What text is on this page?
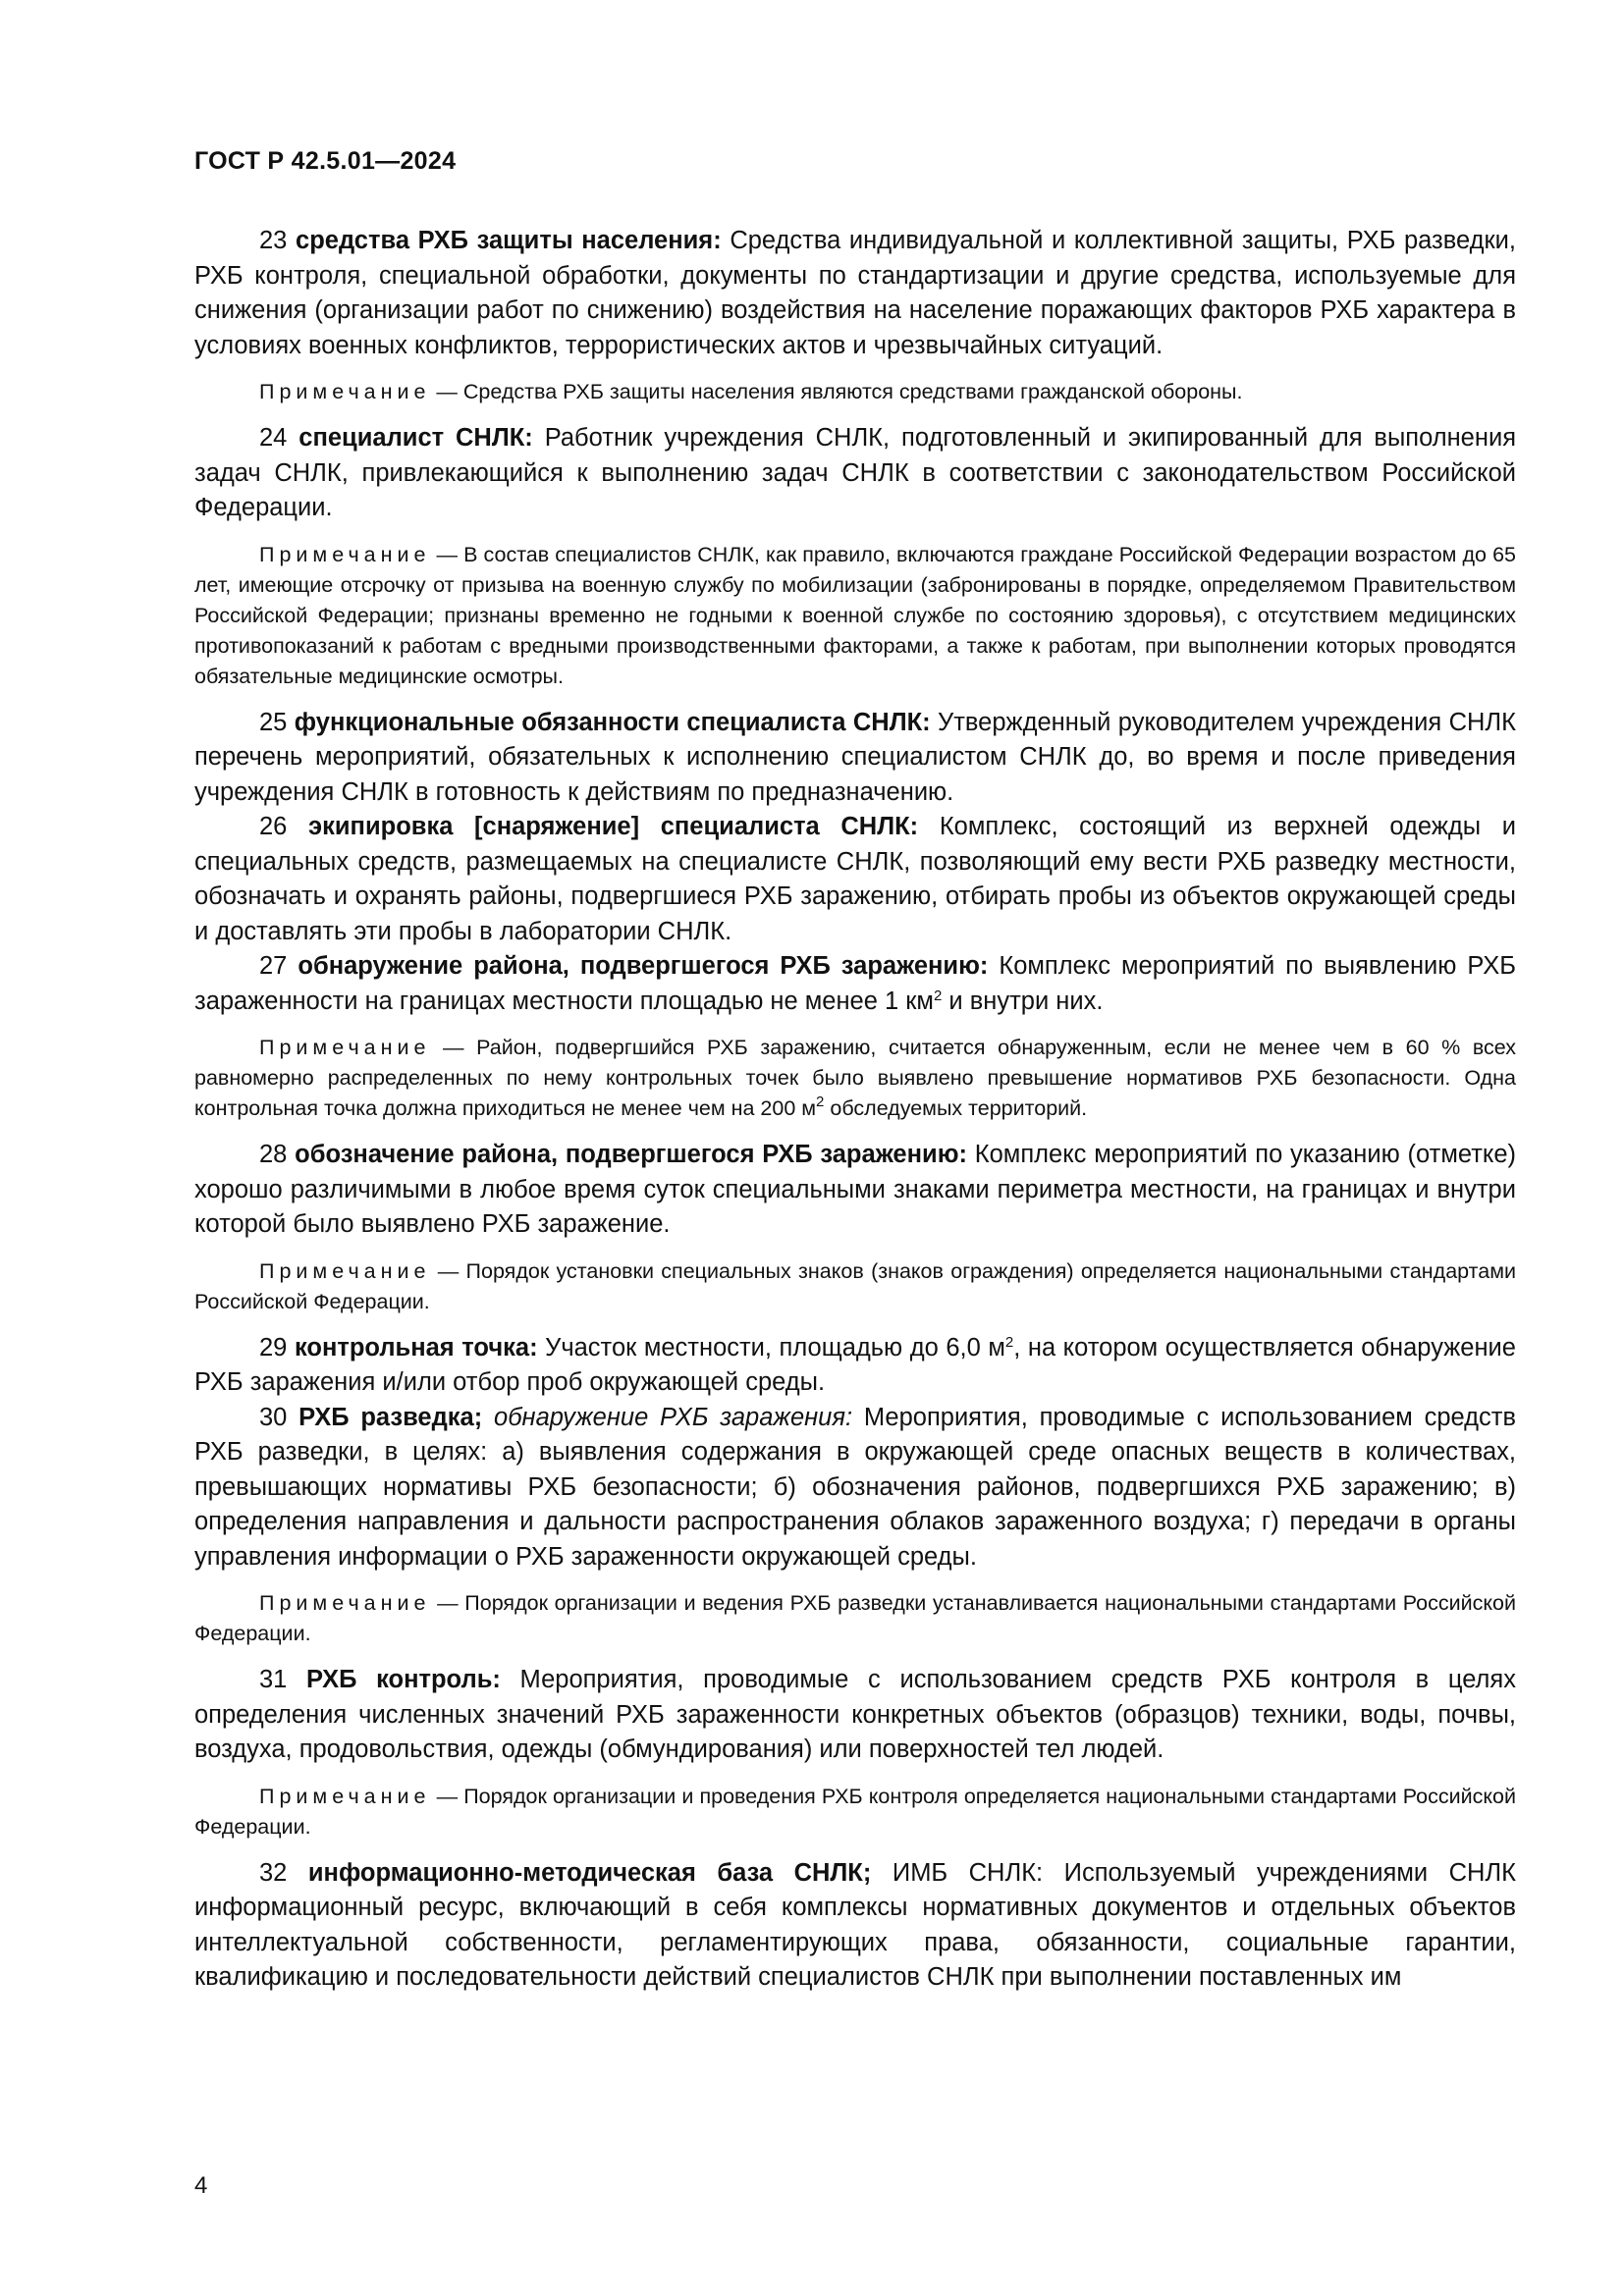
ГОСТ Р 42.5.01—2024

23 средства РХБ защиты населения: Средства индивидуальной и коллективной защиты, РХБ разведки, РХБ контроля, специальной обработки, документы по стандартизации и другие средства, используемые для снижения (организации работ по снижению) воздействия на население поражающих факторов РХБ характера в условиях военных конфликтов, террористических актов и чрезвычайных ситуаций.

Примечание — Средства РХБ защиты населения являются средствами гражданской обороны.

24 специалист СНЛК: Работник учреждения СНЛК, подготовленный и экипированный для выполнения задач СНЛК, привлекающийся к выполнению задач СНЛК в соответствии с законодательством Российской Федерации.

Примечание — В состав специалистов СНЛК, как правило, включаются граждане Российской Федерации возрастом до 65 лет, имеющие отсрочку от призыва на военную службу по мобилизации (забронированы в порядке, определяемом Правительством Российской Федерации; признаны временно не годными к военной службе по состоянию здоровья), с отсутствием медицинских противопоказаний к работам с вредными производственными факторами, а также к работам, при выполнении которых проводятся обязательные медицинские осмотры.

25 функциональные обязанности специалиста СНЛК: Утвержденный руководителем учреждения СНЛК перечень мероприятий, обязательных к исполнению специалистом СНЛК до, во время и после приведения учреждения СНЛК в готовность к действиям по предназначению.

26 экипировка [снаряжение] специалиста СНЛК: Комплекс, состоящий из верхней одежды и специальных средств, размещаемых на специалисте СНЛК, позволяющий ему вести РХБ разведку местности, обозначать и охранять районы, подвергшиеся РХБ заражению, отбирать пробы из объектов окружающей среды и доставлять эти пробы в лаборатории СНЛК.

27 обнаружение района, подвергшегося РХБ заражению: Комплекс мероприятий по выявлению РХБ зараженности на границах местности площадью не менее 1 $км^2$ и внутри них.

Примечание — Район, подвергшийся РХБ заражению, считается обнаруженным, если не менее чем в 60 % всех равномерно распределенных по нему контрольных точек было выявлено превышение нормативов РХБ безопасности. Одна контрольная точка должна приходиться не менее чем на 200 $м^2$ обследуемых территорий.

28 обозначение района, подвергшегося РХБ заражению: Комплекс мероприятий по указанию (отметке) хорошо различимыми в любое время суток специальными знаками периметра местности, на границах и внутри которой было выявлено РХБ заражение.

Примечание — Порядок установки специальных знаков (знаков ограждения) определяется национальными стандартами Российской Федерации.

29 контрольная точка: Участок местности, площадью до 6,0 $м^2$, на котором осуществляется обнаружение РХБ заражения и/или отбор проб окружающей среды.

30 РХБ разведка; обнаружение РХБ заражения: Мероприятия, проводимые с использованием средств РХБ разведки, в целях: а) выявления содержания в окружающей среде опасных веществ в количествах, превышающих нормативы РХБ безопасности; б) обозначения районов, подвергшихся РХБ заражению; в) определения направления и дальности распространения облаков зараженного воздуха; г) передачи в органы управления информации о РХБ зараженности окружающей среды.

Примечание — Порядок организации и ведения РХБ разведки устанавливается национальными стандартами Российской Федерации.

31 РХБ контроль: Мероприятия, проводимые с использованием средств РХБ контроля в целях определения численных значений РХБ зараженности конкретных объектов (образцов) техники, воды, почвы, воздуха, продовольствия, одежды (обмундирования) или поверхностей тел людей.

Примечание — Порядок организации и проведения РХБ контроля определяется национальными стандартами Российской Федерации.

32 информационно-методическая база СНЛК; ИМБ СНЛК: Используемый учреждениями СНЛК информационный ресурс, включающий в себя комплексы нормативных документов и отдельных объектов интеллектуальной собственности, регламентирующих права, обязанности, социальные гарантии, квалификацию и последовательности действий специалистов СНЛК при выполнении поставленных им

4
